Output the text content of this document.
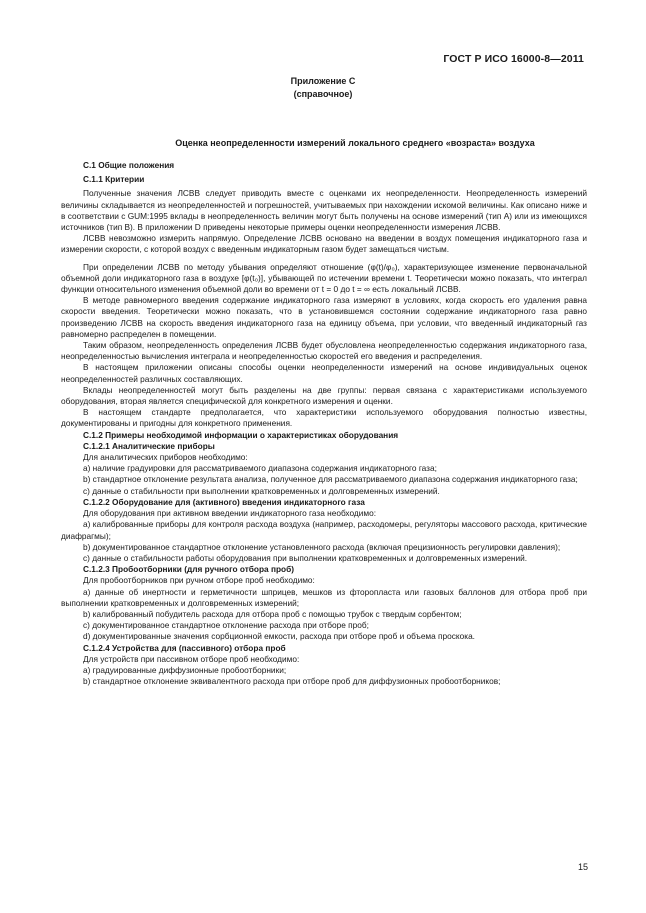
ГОСТ Р ИСО 16000-8—2011
Приложение С
(справочное)
Оценка неопределенности измерений локального среднего «возраста» воздуха

С.1 Общие положения

С.1.1 Критерии

Полученные значения ЛСВВ следует приводить вместе с оценками их неопределенности. Неопределенность измерений величины складывается из неопределенностей и погрешностей, учитываемых при нахождении искомой величины. Как описано ниже и в соответствии с GUM:1995 вклады в неопределенность величин могут быть получены на основе измерений (тип А) или из имеющихся источников (тип В). В приложении D приведены некоторые примеры оценки неопределенности измерения ЛСВВ.

ЛСВВ невозможно измерить напрямую. Определение ЛСВВ основано на введении в воздух помещения индикаторного газа и измерении скорости, с которой воздух с введенным индикаторным газом будет замещаться чистым.

При определении ЛСВВ по методу убывания определяют отношение (φ(t)/φ₀), характеризующее изменение первоначальной объемной доли индикаторного газа в воздухе [φ(t₀)], убывающей по истечении времени t. Теоретически можно показать, что интеграл функции относительного изменения объемной доли во времени от t = 0 до t = ∞ есть локальный ЛСВВ.

В методе равномерного введения содержание индикаторного газа измеряют в условиях, когда скорость его удаления равна скорости введения. Теоретически можно показать, что в установившемся состоянии содержание индикаторного газа равно произведению ЛСВВ на скорость введения индикаторного газа на единицу объема, при условии, что введенный индикаторный газ равномерно распределен в помещении.

Таким образом, неопределенность определения ЛСВВ будет обусловлена неопределенностью содержания индикаторного газа, неопределенностью вычисления интеграла и неопределенностью скоростей его введения и распределения.

В настоящем приложении описаны способы оценки неопределенности измерений на основе индивидуальных оценок неопределенностей различных составляющих.

Вклады неопределенностей могут быть разделены на две группы: первая связана с характеристиками используемого оборудования, вторая является специфической для конкретного измерения и оценки.

В настоящем стандарте предполагается, что характеристики используемого оборудования полностью известны, документированы и пригодны для конкретного применения.

С.1.2 Примеры необходимой информации о характеристиках оборудования

С.1.2.1 Аналитические приборы

Для аналитических приборов необходимо:

a) наличие градуировки для рассматриваемого диапазона содержания индикаторного газа;

b) стандартное отклонение результата анализа, полученное для рассматриваемого диапазона содержания индикаторного газа;

c) данные о стабильности при выполнении кратковременных и долговременных измерений.

С.1.2.2 Оборудование для (активного) введения индикаторного газа

Для оборудования при активном введении индикаторного газа необходимо:

a) калиброванные приборы для контроля расхода воздуха (например, расходомеры, регуляторы массового расхода, критические диафрагмы);

b) документированное стандартное отклонение установленного расхода (включая прецизионность регулировки давления);

c) данные о стабильности работы оборудования при выполнении кратковременных и долговременных измерений.

С.1.2.3 Пробоотборники (для ручного отбора проб)

Для пробоотборников при ручном отборе проб необходимо:

a) данные об инертности и герметичности шприцев, мешков из фторопласта или газовых баллонов для отбора проб при выполнении кратковременных и долговременных измерений;

b) калиброванный побудитель расхода для отбора проб с помощью трубок с твердым сорбентом;

c) документированное стандартное отклонение расхода при отборе проб;

d) документированные значения сорбционной емкости, расхода при отборе проб и объема проскока.

С.1.2.4 Устройства для (пассивного) отбора проб

Для устройств при пассивном отборе проб необходимо:

a) градуированные диффузионные пробоотборники;

b) стандартное отклонение эквивалентного расхода при отборе проб для диффузионных пробоотборников;

15
